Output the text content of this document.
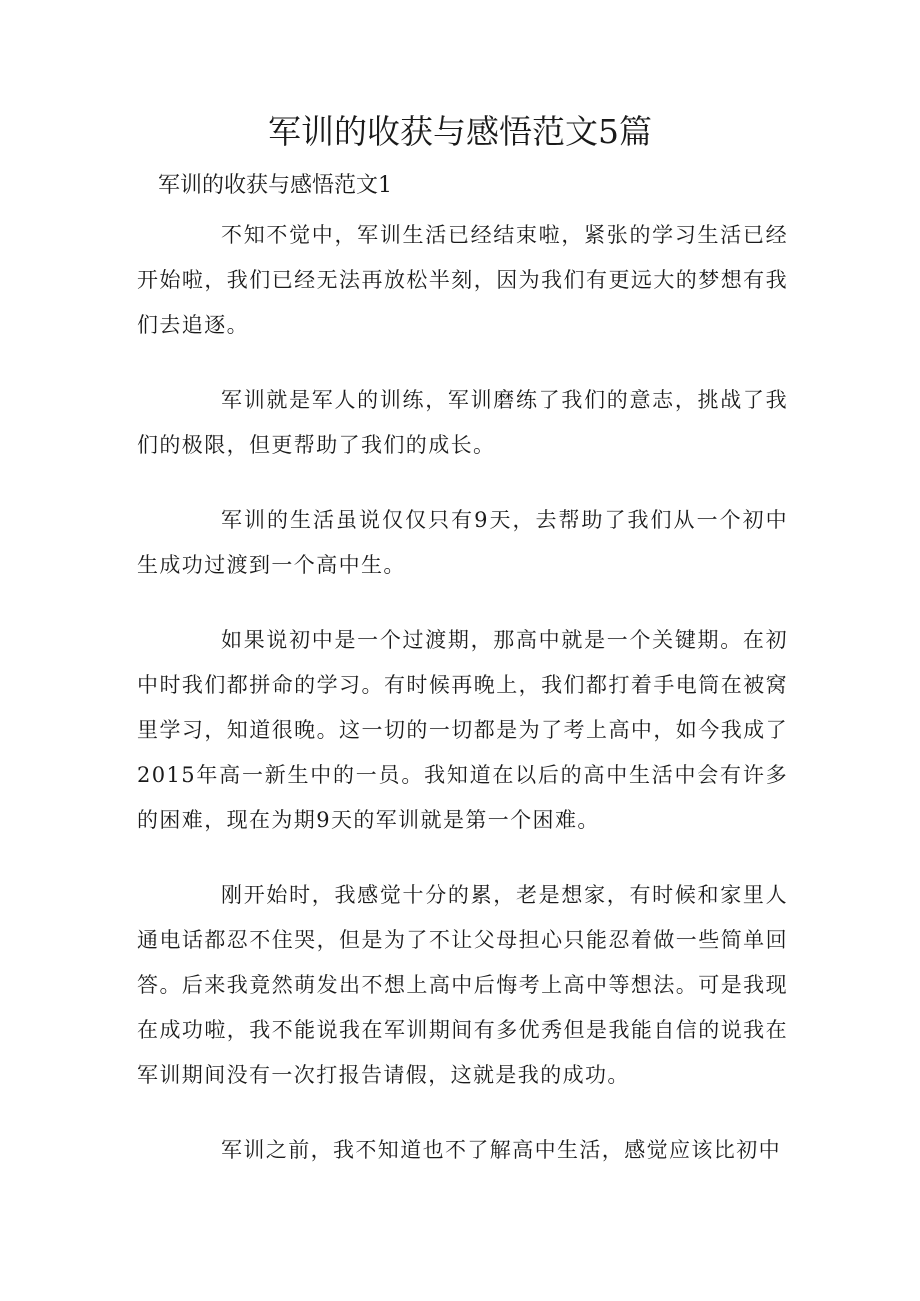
军训的收获与感悟范文5篇
军训的收获与感悟范文1

不知不觉中，军训生活已经结束啦，紧张的学习生活已经开始啦，我们已经无法再放松半刻，因为我们有更远大的梦想有我们去追逐。

军训就是军人的训练，军训磨练了我们的意志，挑战了我们的极限，但更帮助了我们的成长。

军训的生活虽说仅仅只有9天，去帮助了我们从一个初中生成功过渡到一个高中生。

如果说初中是一个过渡期，那高中就是一个关键期。在初中时我们都拼命的学习。有时候再晚上，我们都打着手电筒在被窝里学习，知道很晚。这一切的一切都是为了考上高中，如今我成了2015年高一新生中的一员。我知道在以后的高中生活中会有许多的困难，现在为期9天的军训就是第一个困难。

刚开始时，我感觉十分的累，老是想家，有时候和家里人通电话都忍不住哭，但是为了不让父母担心只能忍着做一些简单回答。后来我竟然萌发出不想上高中后悔考上高中等想法。可是我现在成功啦，我不能说我在军训期间有多优秀但是我能自信的说我在军训期间没有一次打报告请假，这就是我的成功。

军训之前，我不知道也不了解高中生活，感觉应该比初中
